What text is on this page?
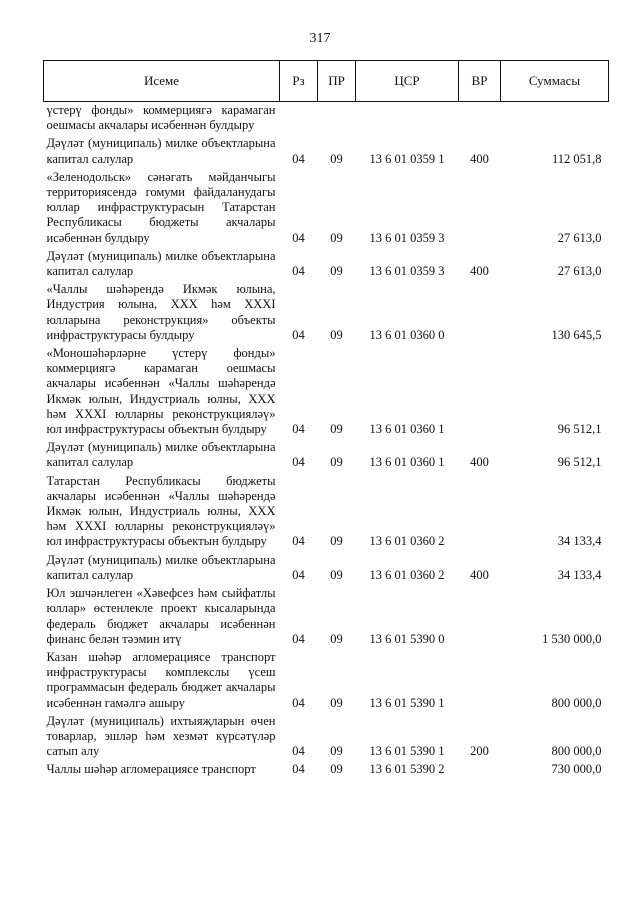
317
Исеме	Рз	ПР	ЦСР	ВР	Суммасы
үстерү фонды» коммерциягә карамаган оешмасы акчалары исәбеннән булдыру					
Дәүләт (муниципаль) милке объектларына капитал салулар	04	09	13 6 01 0359 1	400	112 051,8
«Зеленодольск» сәнәгать мәйданчыгы территориясендә гомуми файдаланудагы юллар инфраструктурасын Татарстан Республикасы бюджеты акчалары исәбеннән булдыру	04	09	13 6 01 0359 3		27 613,0
Дәүләт (муниципаль) милке объектларына капитал салулар	04	09	13 6 01 0359 3	400	27 613,0
«Чаллы шәһәрендә Икмәк юлына, Индустрия юлына, XXX һәм XXXI юлларына реконструкция» объекты инфраструктурасы булдыру	04	09	13 6 01 0360 0		130 645,5
«Моношәһәрләрне үстерү фонды» коммерциягә карамаган оешмасы акчалары исәбеннән «Чаллы шәһәрендә Икмәк юлын, Индустриаль юлны, XXX һәм XXXI юлларны реконструкцияләү» юл инфраструктурасы объектын булдыру	04	09	13 6 01 0360 1		96 512,1
Дәүләт (муниципаль) милке объектларына капитал салулар	04	09	13 6 01 0360 1	400	96 512,1
Татарстан Республикасы бюджеты акчалары исәбеннән «Чаллы шәһәрендә Икмәк юлын, Индустриаль юлны, XXX һәм XXXI юлларны реконструкцияләү» юл инфраструктурасы объектын булдыру	04	09	13 6 01 0360 2		34 133,4
Дәүләт (муниципаль) милке объектларына капитал салулар	04	09	13 6 01 0360 2	400	34 133,4
Юл эшчәнлеген «Хәвефсез һәм сыйфатлы юллар» өстенлекле проект кысаларында федераль бюджет акчалары исәбеннән финанс белән тәэмин итү	04	09	13 6 01 5390 0		1 530 000,0
Казан шәһәр агломерациясе транспорт инфраструктурасы комплекслы үсеш программасын федераль бюджет акчалары исәбеннән гамәлгә ашыру	04	09	13 6 01 5390 1		800 000,0
Дәүләт (муниципаль) ихтыяҗларын өчен товарлар, эшләр һәм хезмәт күрсәтүләр сатып алу	04	09	13 6 01 5390 1	200	800 000,0
Чаллы шәһәр агломерациясе транспорт	04	09	13 6 01 5390 2		730 000,0
